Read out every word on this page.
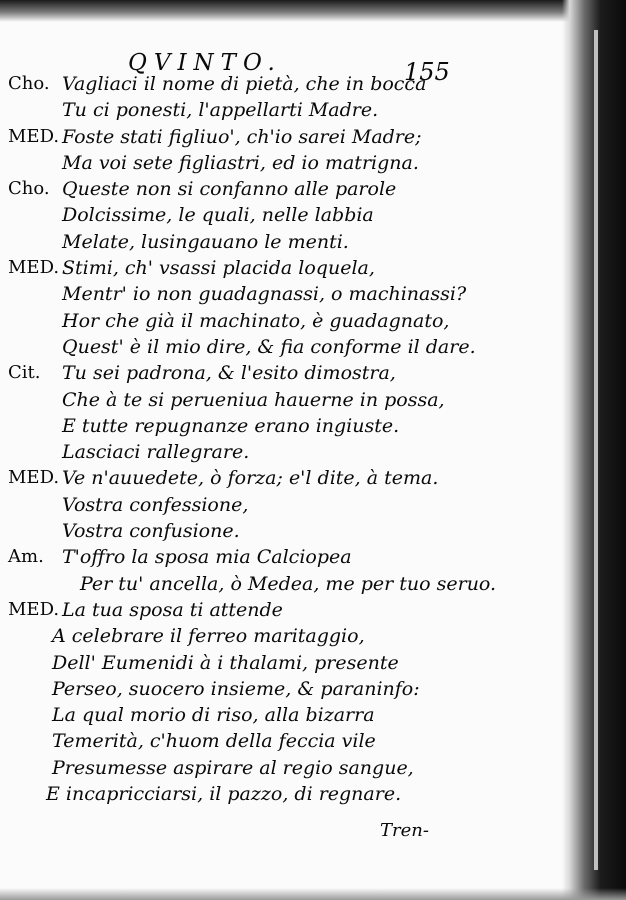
QVINTO.	155
Cho. Vagliaci il nome di pietà, che in bocca
Tu ci ponesti, l'appellarti Madre.
MED. Foste stati figliuo', ch'io sarei Madre;
Ma voi sete figliastri, ed io matrigna.
Cho. Queste non si confanno alle parole
Dolcissime, le quali, nelle labbia
Melate, lusingauano le menti.
MED. Stimi, ch' vsassi placida loquela,
Mentr' io non guadagnassi, o machinassi?
Hor che già il machinato, è guadagnato,
Quest' è il mio dire, & fia conforme il dare.
Cit. Tu sei padrona, & l'esito dimostra,
Che à te si perueniua hauerne in possa,
E tutte repugnanze erano ingiuste.
Lasciaci rallegrare.
MED. Ve n'auuedete, ò forza; e'l dite, à tema.
Vostra confessione,
Vostra confusione.
Am. T'offro la sposa mia Calciopea
Per tu' ancella, ò Medea, me per tuo seruo.
MED. La tua sposa ti attende
A celebrare il ferreo maritaggio,
Dell' Eumenidi à i thalami, presente
Perseo, suocero insieme, & paraninfo:
La qual morio di riso, alla bizarra
Temerità, c'huom della feccia vile
Presumesse aspirare al regio sangue,
E incapricciarsi, il pazzo, di regnare.
Tren-
